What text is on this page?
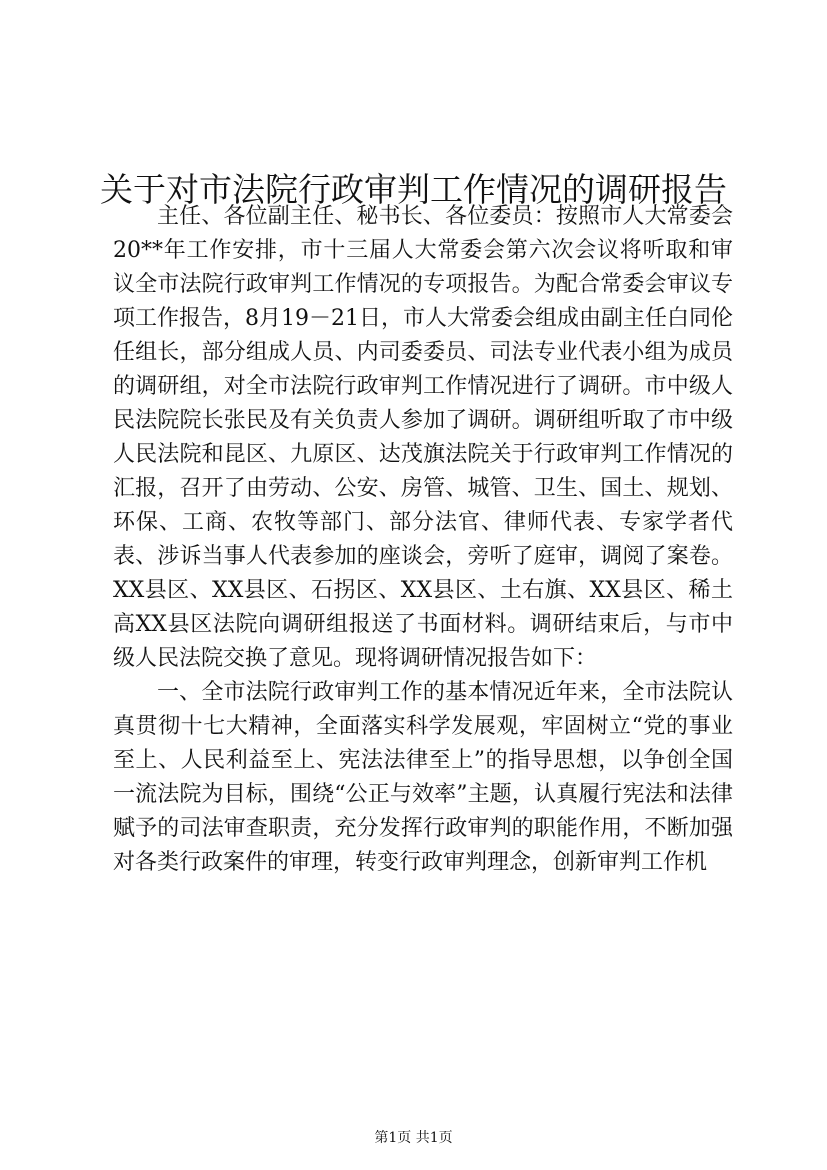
关于对市法院行政审判工作情况的调研报告

主任、各位副主任、秘书长、各位委员：按照市人大常委会20**年工作安排，市十三届人大常委会第六次会议将听取和审议全市法院行政审判工作情况的专项报告。为配合常委会审议专项工作报告，8月19－21日，市人大常委会组成由副主任白同伦任组长，部分组成人员、内司委委员、司法专业代表小组为成员的调研组，对全市法院行政审判工作情况进行了调研。市中级人民法院院长张民及有关负责人参加了调研。调研组听取了市中级人民法院和昆区、九原区、达茂旗法院关于行政审判工作情况的汇报，召开了由劳动、公安、房管、城管、卫生、国土、规划、环保、工商、农牧等部门、部分法官、律师代表、专家学者代表、涉诉当事人代表参加的座谈会，旁听了庭审，调阅了案卷。XX县区、XX县区、石拐区、XX县区、土右旗、XX县区、稀土高XX县区法院向调研组报送了书面材料。调研结束后，与市中级人民法院交换了意见。现将调研情况报告如下：

一、全市法院行政审判工作的基本情况近年来，全市法院认真贯彻十七大精神，全面落实科学发展观，牢固树立“党的事业至上、人民利益至上、宪法法律至上”的指导思想，以争创全国一流法院为目标，围绕“公正与效率”主题，认真履行宪法和法律赋予的司法审查职责，充分发挥行政审判的职能作用，不断加强对各类行政案件的审理，转变行政审判理念，创新审判工作机

第1页 共1页
